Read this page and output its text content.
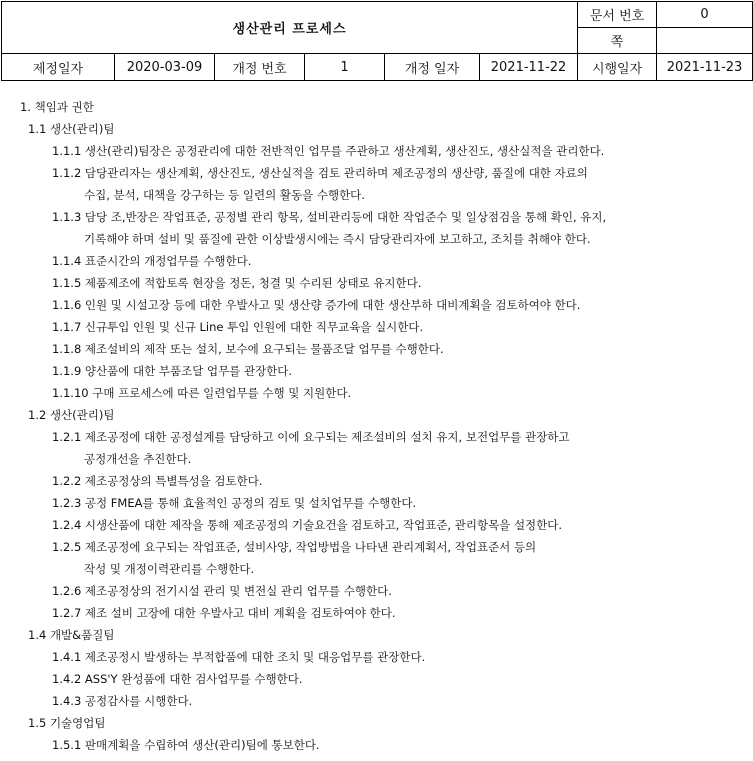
생산관리 프로세스						문서 번호	0
						쪽	
제정일자	2020-03-09	개정 번호	1	개정 일자	2021-11-22	시행일자	2021-11-23
1. 책임과 권한
1.1 생산(관리)팀
1.1.1 생산(관리)팀장은 공정관리에 대한 전반적인 업무를 주관하고 생산계획, 생산진도, 생산실적을 관리한다.
1.1.2 담당관리자는 생산계획, 생산진도, 생산실적을 검토 관리하며 제조공정의 생산량, 품질에 대한 자료의
수집, 분석, 대책을 강구하는 등 일련의 활동을 수행한다.
1.1.3 담당 조,반장은 작업표준, 공정별 관리 항목, 설비관리등에 대한 작업준수 및 일상점검을 통해 확인, 유지,
기록해야 하며 설비 및 품질에 관한 이상발생시에는 즉시 담당관리자에 보고하고, 조치를 취해야 한다.
1.1.4 표준시간의 개정업무를 수행한다.
1.1.5 제품제조에 적합토록 현장을 정돈, 청결 및 수리된 상태로 유지한다.
1.1.6 인원 및 시설고장 등에 대한 우발사고 및 생산량 증가에 대한 생산부하 대비계획을 검토하여야 한다.
1.1.7 신규투입 인원 및 신규 Line 투입 인원에 대한 직무교육을 실시한다.
1.1.8 제조설비의 제작 또는 설치, 보수에 요구되는 물품조달 업무를 수행한다.
1.1.9 양산품에 대한 부품조달 업무를 관장한다.
1.1.10 구매 프로세스에 따른 일련업무를 수행 및 지원한다.
1.2 생산(관리)팀
1.2.1 제조공정에 대한 공정설계를 담당하고 이에 요구되는 제조설비의 설치 유지, 보전업무를 관장하고
공정개선을 추진한다.
1.2.2 제조공정상의 특별특성을 검토한다.
1.2.3 공정 FMEA를 통해 효율적인 공정의 검토 및 설치업무를 수행한다.
1.2.4 시생산품에 대한 제작을 통해 제조공정의 기술요건을 검토하고, 작업표준, 관리항목을 설정한다.
1.2.5 제조공정에 요구되는 작업표준, 설비사양, 작업방법을 나타낸 관리계획서, 작업표준서 등의
작성 및 개정이력관리를 수행한다.
1.2.6 제조공정상의 전기시설 관리 및 변전실 관리 업무를 수행한다.
1.2.7 제조 설비 고장에 대한 우발사고 대비 계획을 검토하여야 한다.
1.4 개발&품질팀
1.4.1 제조공정시 발생하는 부적합품에 대한 조치 및 대응업무를 관장한다.
1.4.2 ASS'Y 완성품에 대한 검사업무를 수행한다.
1.4.3 공정감사를 시행한다.
1.5 기술영업팀
1.5.1 판매계획을 수립하여 생산(관리)팀에 통보한다.
